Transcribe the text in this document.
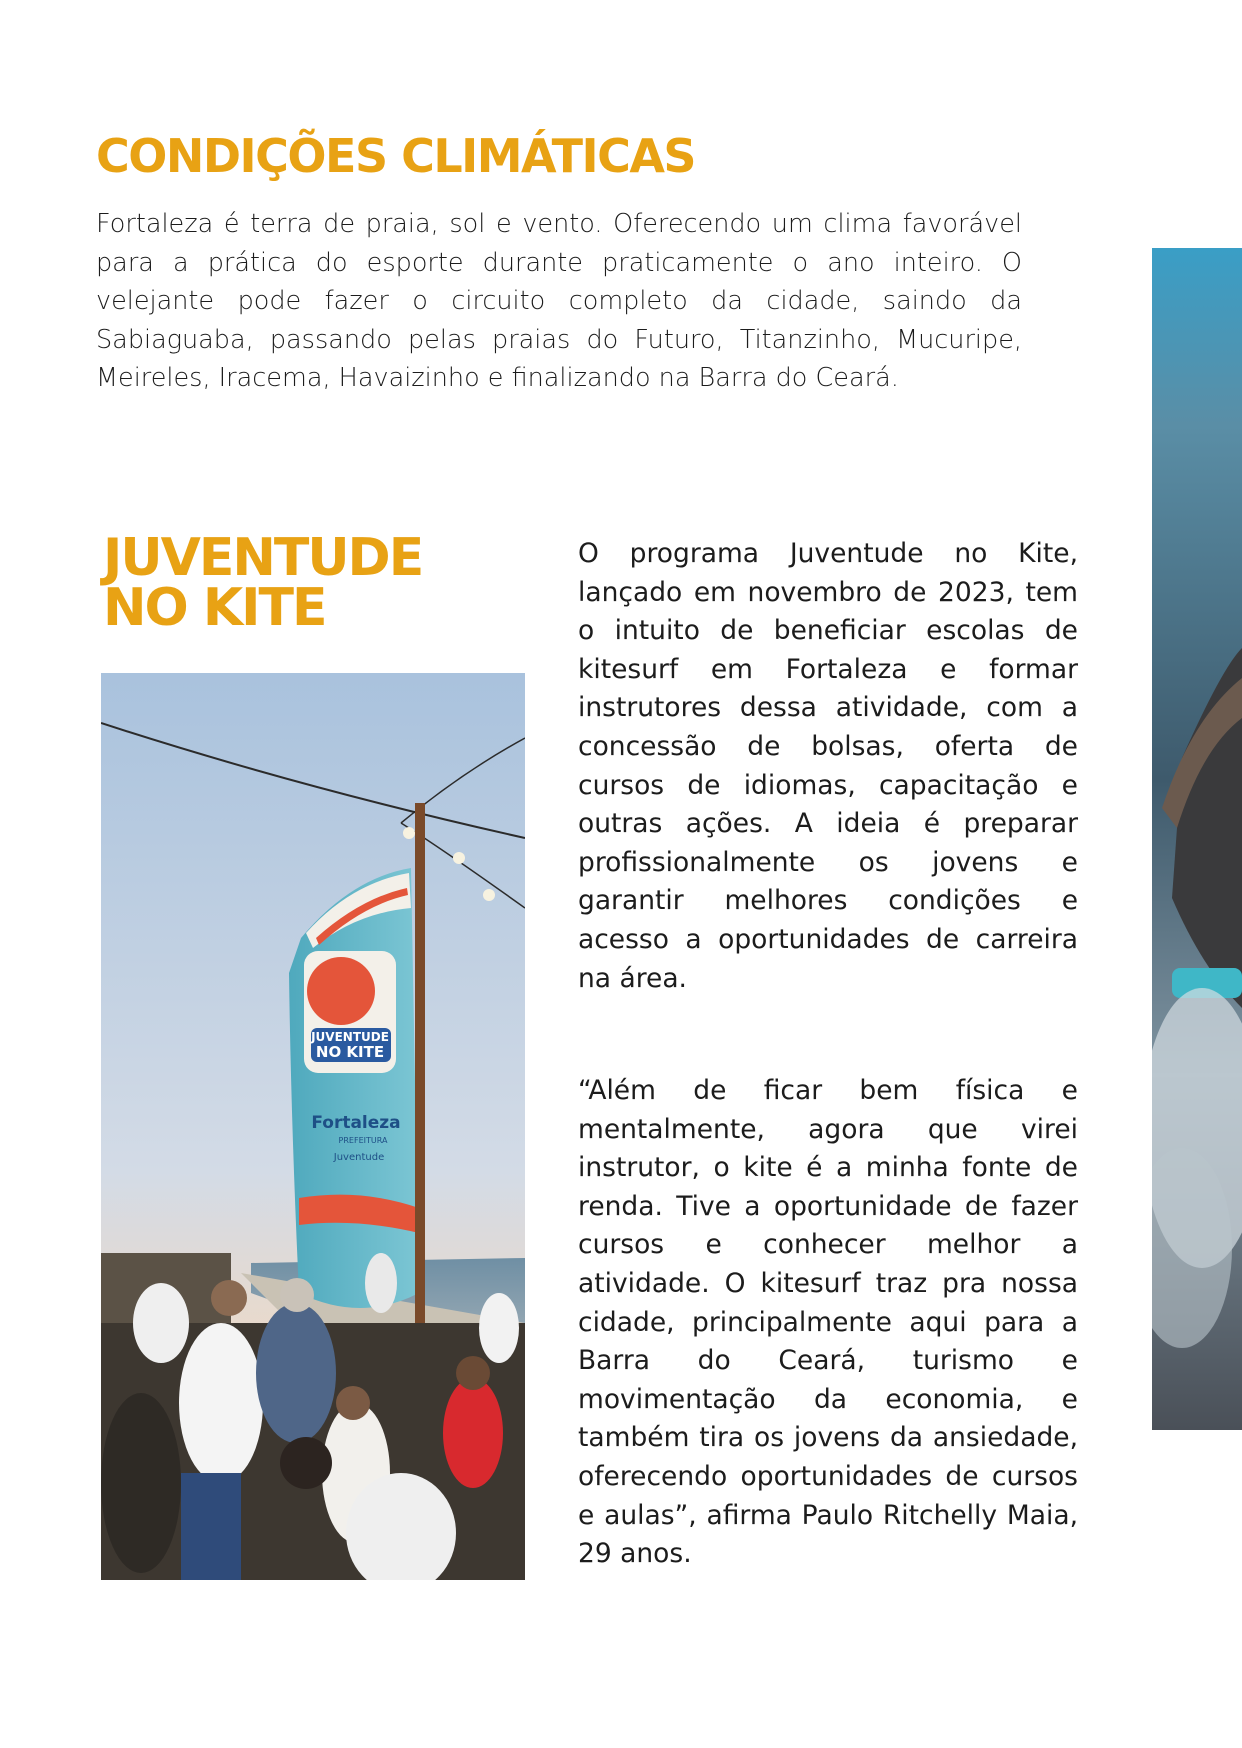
CONDIÇÕES CLIMÁTICAS

Fortaleza é terra de praia, sol e vento. Oferecendo um clima favorável para a prática do esporte durante praticamente o ano inteiro. O velejante pode fazer o circuito completo da cidade, saindo da Sabiaguaba, passando pelas praias do Futuro, Titanzinho, Mucuripe, Meireles, Iracema, Havaizinho e finalizando na Barra do Ceará.

JUVENTUDE
NO KITE

O programa Juventude no Kite, lançado em novembro de 2023, tem o intuito de beneficiar escolas de kitesurf em Fortaleza e formar instrutores dessa atividade, com a concessão de bolsas, oferta de cursos de idiomas, capacitação e outras ações. A ideia é preparar profissionalmente os jovens e garantir melhores condições e acesso a oportunidades de carreira na área.

“Além de ficar bem física e mentalmente, agora que virei instrutor, o kite é a minha fonte de renda. Tive a oportunidade de fazer cursos e conhecer melhor a atividade. O kitesurf traz pra nossa cidade, principalmente aqui para a Barra do Ceará, turismo e movimentação da economia, e também tira os jovens da ansiedade, oferecendo oportunidades de cursos e aulas”, afirma Paulo Ritchelly Maia, 29 anos.

JUVENTUDE
NO KITE
Fortaleza
PREFEITURA
Juventude
